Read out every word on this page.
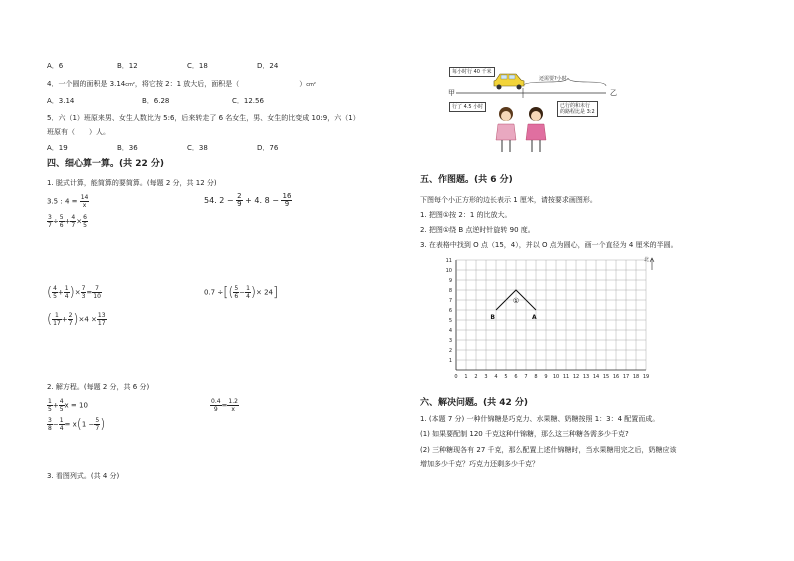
A．6	B．12	C．18	D．24
4．一个圆的面积是 3.14cm²，将它按 2：1 放大后，面积是（	）cm²
A．3.14	B．6.28	C．12.56
5．六（1）班原来男、女生人数比为 5:6，后来转走了 6 名女生，男、女生的比变成 10:9，六（1）
班原有（　　）人。
A．19	B．36	C．38	D．76
四、细心算一算。(共 22 分)
1. 脱式计算，能简算的要简算。(每题 2 分，共 12 分)
3.5 : $4 = \frac{14}{x}$	54. $2 - \frac{2}{9} + 4$. $8 - \frac{16}{9}$
$\frac{3}{7} \div \frac{5}{6} + \frac{4}{7} \times \frac{6}{5}$
( $\frac{4}{5} + \frac{1}{4}$ )× $\frac{7}{3} = \frac{7}{10}$	0.7 ÷[( $\frac{5}{6} - \frac{1}{4}$ )× 24]
( $\frac{1}{17} + \frac{2}{7} )\times 4 \times \frac{13}{17}$
2. 解方程。(每题 2 分，共 6 分)
$\frac{1}{5} + \frac{4}{5}$ x = 10	$\frac{0.4}{9} = \frac{1.2}{x}$
$\frac{3}{8} - \frac{1}{4} = x(1 - \frac{5}{7}$ )
3. 看图列式。(共 4 分)
每小时行 40 千米
还需要?小时
甲	乙
行了 4.5 小时	已行的和未行
的路程比是 3:2
五、作图题。(共 6 分)
下图每个小正方形的边长表示 1 厘米，请按要求画图形。
1. 把图①按 2：1 的比放大。
2. 把图①绕 B 点逆时针旋转 90 度。
3. 在表格中找到 O 点（15，4），并以 O 点为圆心，画一个直径为 4 厘米的半圆。
0 1 2 3 4 5 6 7 8 9 10 11 12 13 14 15 16 17 18 19
1
2
3
4
5
6
7
8
9
10
11	北
B	A
①
六、解决问题。(共 42 分)
1. (本题 7 分) 一种什锦糖是巧克力、水果糖、奶糖按照 1：3：4 配置而成。
(1) 如果要配制 120 千克这种什锦糖，那么这三种糖各需多少千克?
(2) 三种糖现各有 27 千克，那么配置上述什锦糖时，当水果糖用完之后，奶糖应该
增加多少千克？巧克力还剩多少千克？
